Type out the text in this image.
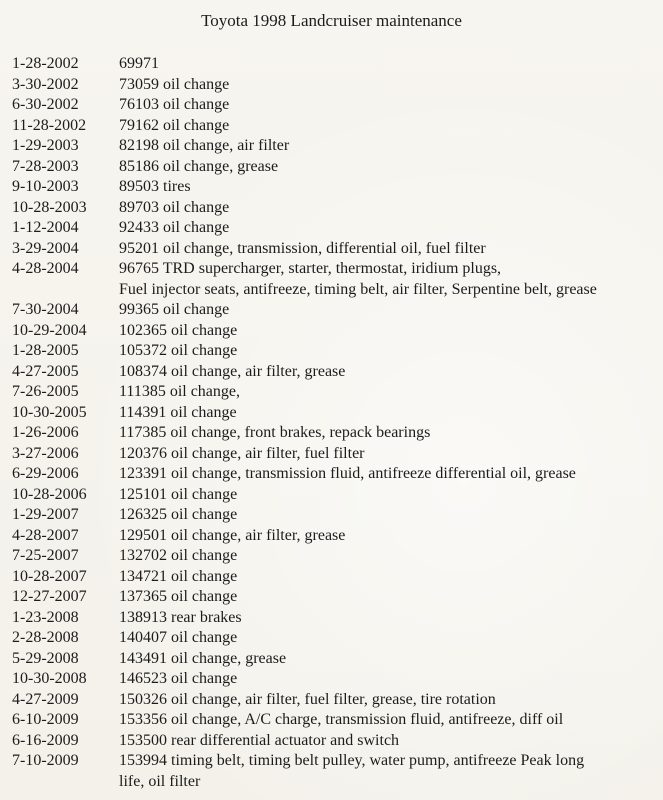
Toyota 1998 Landcruiser maintenance
1-28-2002	69971
3-30-2002	73059 oil change
6-30-2002	76103 oil change
11-28-2002	79162 oil change
1-29-2003	82198 oil change, air filter
7-28-2003	85186 oil change, grease
9-10-2003	89503 tires
10-28-2003	89703 oil change
1-12-2004	92433 oil change
3-29-2004	95201 oil change, transmission, differential oil, fuel filter
4-28-2004	96765 TRD supercharger, starter, thermostat, iridium plugs,
Fuel injector seats, antifreeze, timing belt, air filter, Serpentine belt, grease
7-30-2004	99365 oil change
10-29-2004	102365 oil change
1-28-2005	105372 oil change
4-27-2005	108374 oil change, air filter, grease
7-26-2005	111385 oil change,
10-30-2005	114391 oil change
1-26-2006	117385 oil change, front brakes, repack bearings
3-27-2006	120376 oil change, air filter, fuel filter
6-29-2006	123391 oil change, transmission fluid, antifreeze differential oil, grease
10-28-2006	125101 oil change
1-29-2007	126325 oil change
4-28-2007	129501 oil change, air filter, grease
7-25-2007	132702 oil change
10-28-2007	134721 oil change
12-27-2007	137365 oil change
1-23-2008	138913 rear brakes
2-28-2008	140407 oil change
5-29-2008	143491 oil change, grease
10-30-2008	146523 oil change
4-27-2009	150326 oil change, air filter, fuel filter, grease, tire rotation
6-10-2009	153356 oil change, A/C charge, transmission fluid, antifreeze, diff oil
6-16-2009	153500 rear differential actuator and switch
7-10-2009	153994 timing belt, timing belt pulley, water pump, antifreeze Peak long
life, oil filter
